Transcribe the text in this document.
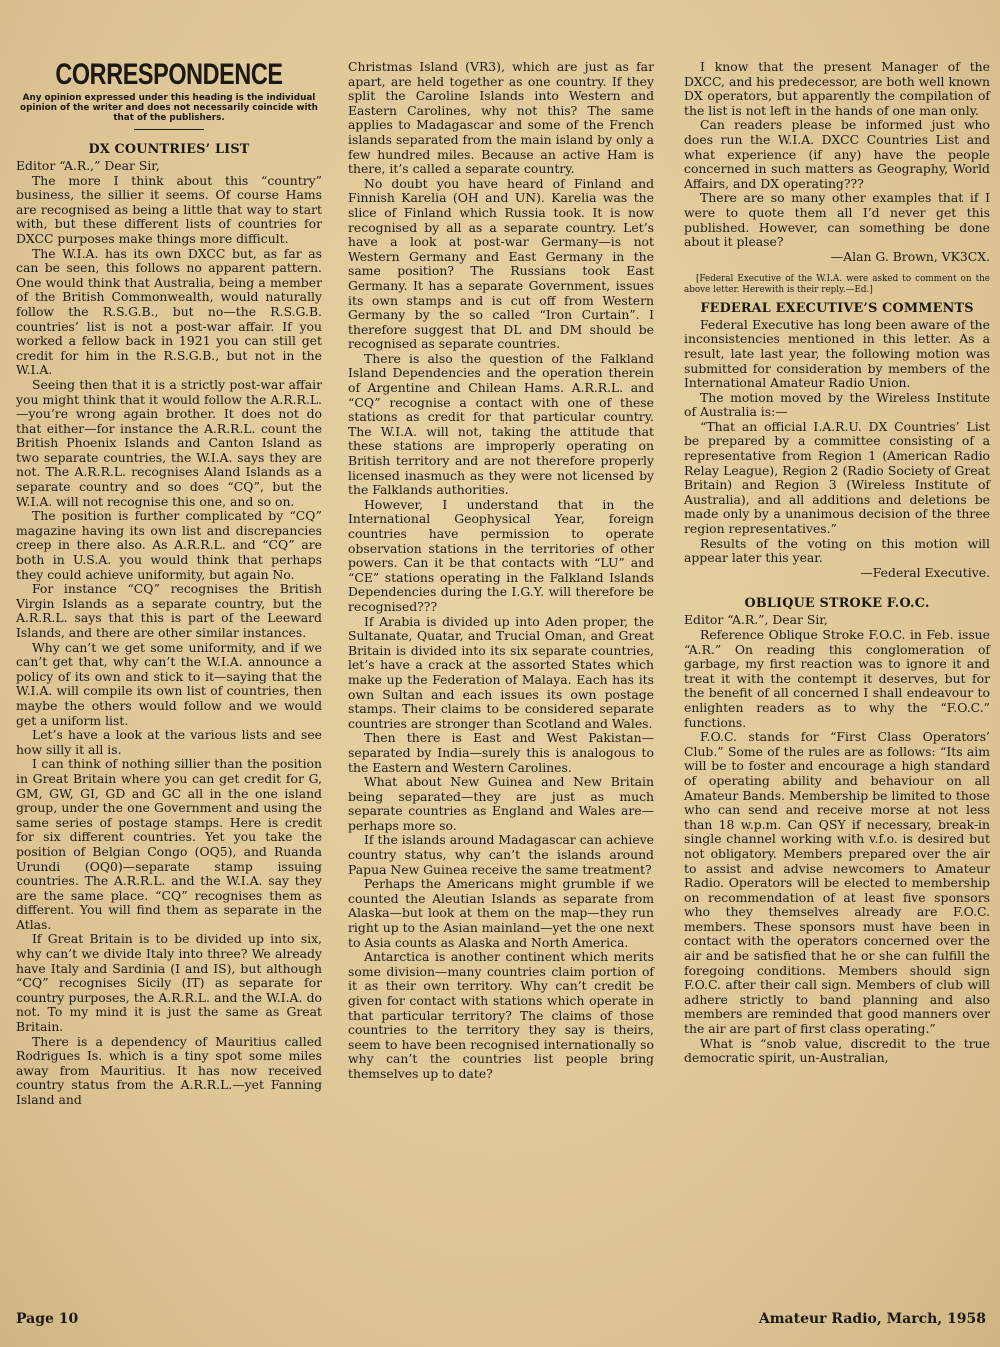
CORRESPONDENCE
Any opinion expressed under this heading is the individual opinion of the writer and does not necessarily coincide with that of the publishers.
DX COUNTRIES’ LIST

Editor “A.R.,” Dear Sir,

The more I think about this “country” business, the sillier it seems. Of course Hams are recognised as being a little that way to start with, but these different lists of countries for DXCC purposes make things more difficult.

The W.I.A. has its own DXCC but, as far as can be seen, this follows no apparent pattern. One would think that Australia, being a member of the British Commonwealth, would naturally follow the R.S.G.B., but no—the R.S.G.B. countries’ list is not a post-war affair. If you worked a fellow back in 1921 you can still get credit for him in the R.S.G.B., but not in the W.I.A.

Seeing then that it is a strictly post-war affair you might think that it would follow the A.R.R.L.—you’re wrong again brother. It does not do that either—for instance the A.R.R.L. count the British Phoenix Islands and Canton Island as two separate countries, the W.I.A. says they are not. The A.R.R.L. recognises Aland Islands as a separate country and so does “CQ”, but the W.I.A. will not recognise this one, and so on.

The position is further complicated by “CQ” magazine having its own list and discrepancies creep in there also. As A.R.R.L. and “CQ” are both in U.S.A. you would think that perhaps they could achieve uniformity, but again No.

For instance “CQ” recognises the British Virgin Islands as a separate country, but the A.R.R.L. says that this is part of the Leeward Islands, and there are other similar instances.

Why can’t we get some uniformity, and if we can’t get that, why can’t the W.I.A. announce a policy of its own and stick to it—saying that the W.I.A. will compile its own list of countries, then maybe the others would follow and we would get a uniform list.

Let’s have a look at the various lists and see how silly it all is.

I can think of nothing sillier than the position in Great Britain where you can get credit for G, GM, GW, GI, GD and GC all in the one island group, under the one Government and using the same series of postage stamps. Here is credit for six different countries. Yet you take the position of Belgian Congo (OQ5), and Ruanda Urundi (OQ0)—separate stamp issuing countries. The A.R.R.L. and the W.I.A. say they are the same place. “CQ” recognises them as different. You will find them as separate in the Atlas.

If Great Britain is to be divided up into six, why can’t we divide Italy into three? We already have Italy and Sardinia (I and IS), but although “CQ” recognises Sicily (IT) as separate for country purposes, the A.R.R.L. and the W.I.A. do not. To my mind it is just the same as Great Britain.

There is a dependency of Mauritius called Rodrigues Is. which is a tiny spot some miles away from Mauritius. It has now received country status from the A.R.R.L.—yet Fanning Island and

Christmas Island (VR3), which are just as far apart, are held together as one country. If they split the Caroline Islands into Western and Eastern Carolines, why not this? The same applies to Madagascar and some of the French islands separated from the main island by only a few hundred miles. Because an active Ham is there, it’s called a separate country.

No doubt you have heard of Finland and Finnish Karelia (OH and UN). Karelia was the slice of Finland which Russia took. It is now recognised by all as a separate country. Let’s have a look at post-war Germany—is not Western Germany and East Germany in the same position? The Russians took East Germany. It has a separate Government, issues its own stamps and is cut off from Western Germany by the so called “Iron Curtain”. I therefore suggest that DL and DM should be recognised as separate countries.

There is also the question of the Falkland Island Dependencies and the operation therein of Argentine and Chilean Hams. A.R.R.L. and “CQ” recognise a contact with one of these stations as credit for that particular country. The W.I.A. will not, taking the attitude that these stations are improperly operating on British territory and are not therefore properly licensed inasmuch as they were not licensed by the Falklands authorities.

However, I understand that in the International Geophysical Year, foreign countries have permission to operate observation stations in the territories of other powers. Can it be that contacts with “LU” and “CE” stations operating in the Falkland Islands Dependencies during the I.G.Y. will therefore be recognised???

If Arabia is divided up into Aden proper, the Sultanate, Quatar, and Trucial Oman, and Great Britain is divided into its six separate countries, let’s have a crack at the assorted States which make up the Federation of Malaya. Each has its own Sultan and each issues its own postage stamps. Their claims to be considered separate countries are stronger than Scotland and Wales.

Then there is East and West Pakistan—separated by India—surely this is analogous to the Eastern and Western Carolines.

What about New Guinea and New Britain being separated—they are just as much separate countries as England and Wales are—perhaps more so.

If the islands around Madagascar can achieve country status, why can’t the islands around Papua New Guinea receive the same treatment?

Perhaps the Americans might grumble if we counted the Aleutian Islands as separate from Alaska—but look at them on the map—they run right up to the Asian mainland—yet the one next to Asia counts as Alaska and North America.

Antarctica is another continent which merits some division—many countries claim portion of it as their own territory. Why can’t credit be given for contact with stations which operate in that particular territory? The claims of those countries to the territory they say is theirs, seem to have been recognised internationally so why can’t the countries list people bring themselves up to date?

I know that the present Manager of the DXCC, and his predecessor, are both well known DX operators, but apparently the compilation of the list is not left in the hands of one man only.

Can readers please be informed just who does run the W.I.A. DXCC Countries List and what experience (if any) have the people concerned in such matters as Geography, World Affairs, and DX operating???

There are so many other examples that if I were to quote them all I’d never get this published. However, can something be done about it please?

—Alan G. Brown, VK3CX.

[Federal Executive of the W.I.A. were asked to comment on the above letter. Herewith is their reply.—Ed.]
FEDERAL EXECUTIVE’S COMMENTS

Federal Executive has long been aware of the inconsistencies mentioned in this letter. As a result, late last year, the following motion was submitted for consideration by members of the International Amateur Radio Union.

The motion moved by the Wireless Institute of Australia is:—

“That an official I.A.R.U. DX Countries’ List be prepared by a committee consisting of a representative from Region 1 (American Radio Relay League), Region 2 (Radio Society of Great Britain) and Region 3 (Wireless Institute of Australia), and all additions and deletions be made only by a unanimous decision of the three region representatives.”

Results of the voting on this motion will appear later this year.

—Federal Executive.

OBLIQUE STROKE F.O.C.

Editor “A.R.”, Dear Sir,

Reference Oblique Stroke F.O.C. in Feb. issue “A.R.” On reading this conglomeration of garbage, my first reaction was to ignore it and treat it with the contempt it deserves, but for the benefit of all concerned I shall endeavour to enlighten readers as to why the “F.O.C.” functions.

F.O.C. stands for “First Class Operators’ Club.” Some of the rules are as follows: “Its aim will be to foster and encourage a high standard of operating ability and behaviour on all Amateur Bands. Membership be limited to those who can send and receive morse at not less than 18 w.p.m. Can QSY if necessary, break-in single channel working with v.f.o. is desired but not obligatory. Members prepared over the air to assist and advise newcomers to Amateur Radio. Operators will be elected to membership on recommendation of at least five sponsors who they themselves already are F.O.C. members. These sponsors must have been in contact with the operators concerned over the air and be satisfied that he or she can fulfill the foregoing conditions. Members should sign F.O.C. after their call sign. Members of club will adhere strictly to band planning and also members are reminded that good manners over the air are part of first class operating.”

What is “snob value, discredit to the true democratic spirit, un-Australian,

Page 10	Amateur Radio, March, 1958
